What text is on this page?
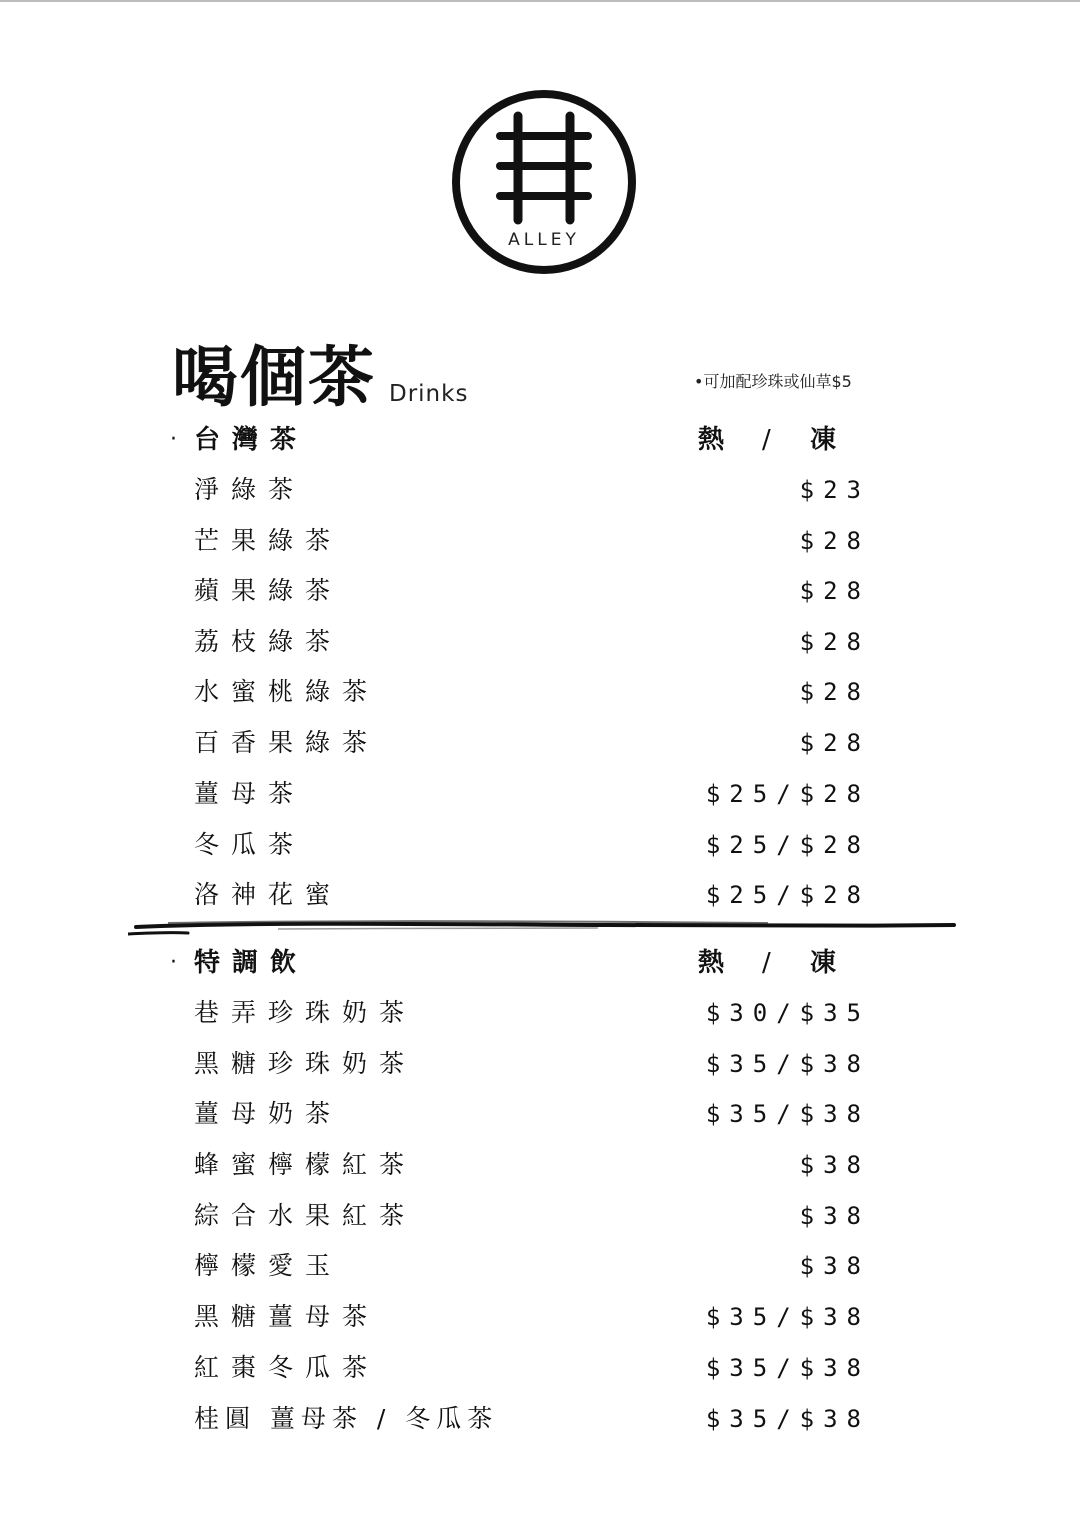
ALLEY
喝個茶 Drinks	•可加配珍珠或仙草$5
· 台灣茶	熱 / 凍
淨綠茶	$23
芒果綠茶	$28
蘋果綠茶	$28
荔枝綠茶	$28
水蜜桃綠茶	$28
百香果綠茶	$28
薑母茶	$25/$28
冬瓜茶	$25/$28
洛神花蜜	$25/$28
· 特調飲	熱 / 凍
巷弄珍珠奶茶	$30/$35
黑糖珍珠奶茶	$35/$38
薑母奶茶	$35/$38
蜂蜜檸檬紅茶	$38
綜合水果紅茶	$38
檸檬愛玉	$38
黑糖薑母茶	$35/$38
紅棗冬瓜茶	$35/$38
桂圓 薑母茶 / 冬瓜茶	$35/$38
